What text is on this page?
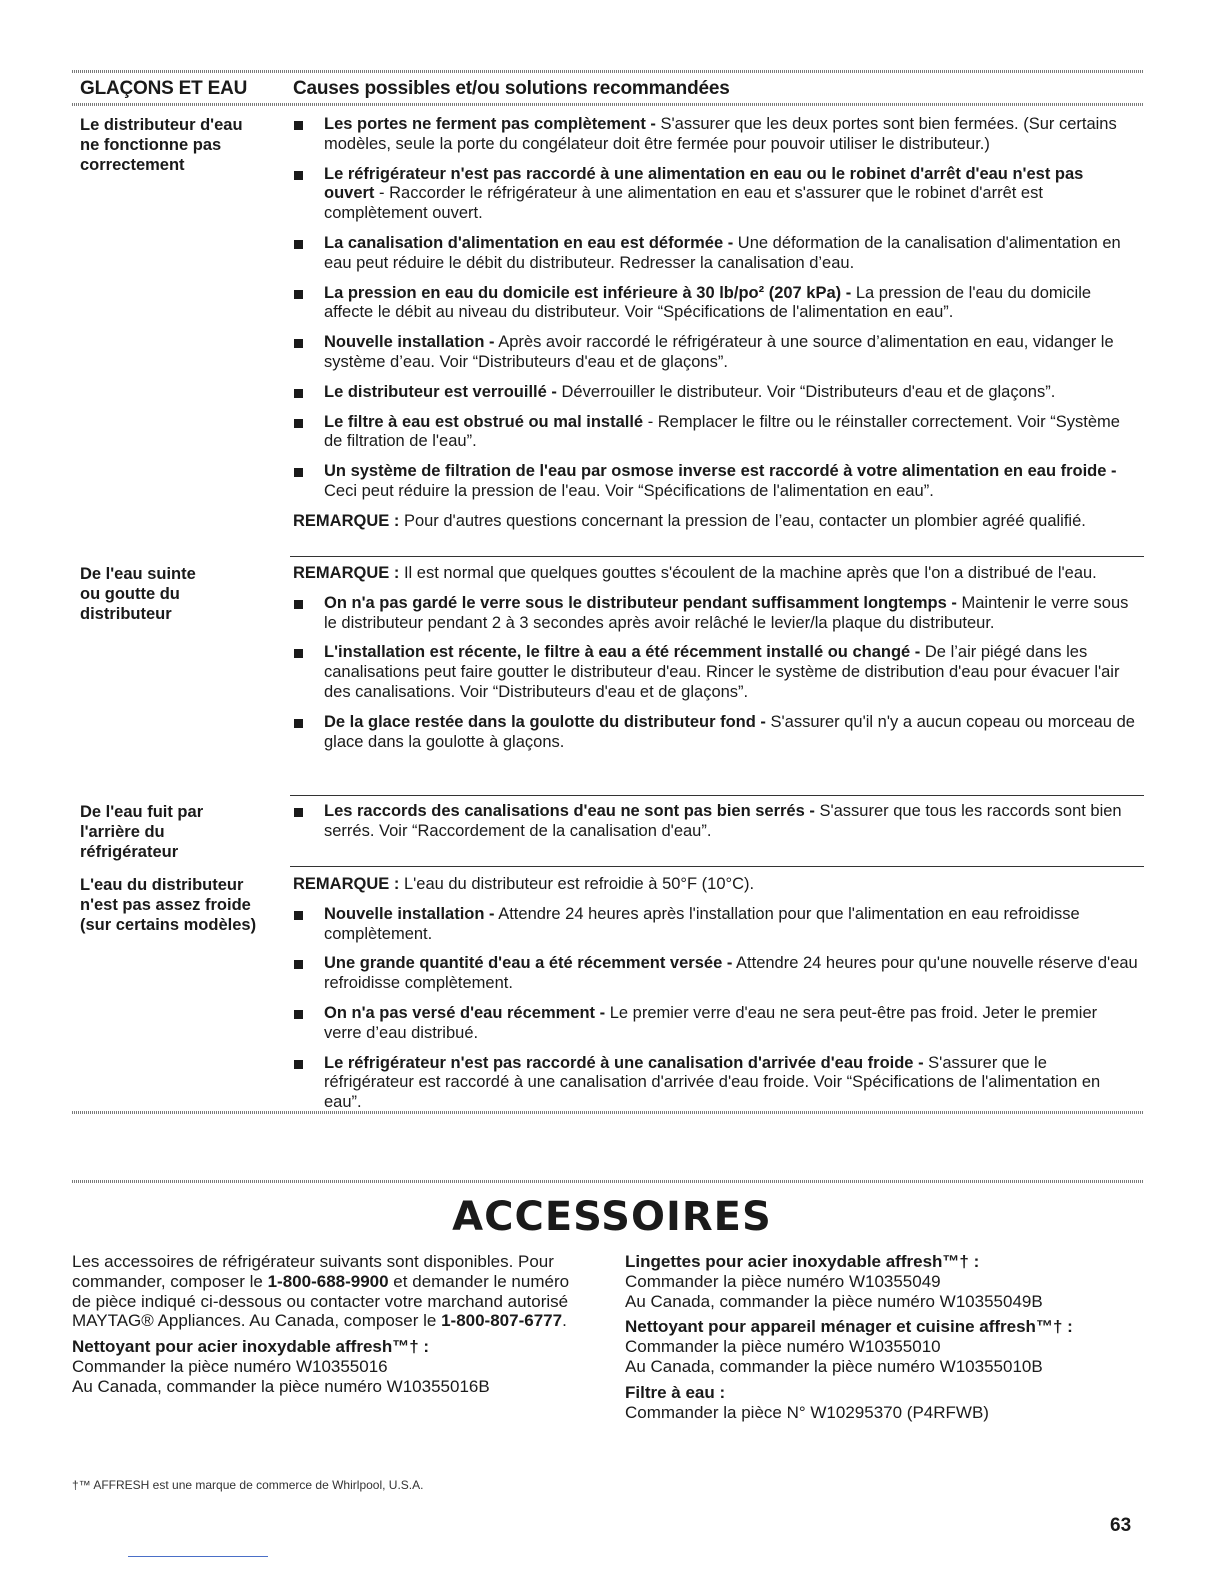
GLAÇONS ET EAU Causes possibles et/ou solutions recommandées
Le distributeur d'eau
ne fonctionne pas
correctement
Les portes ne ferment pas complètement - S'assurer que les deux portes sont bien fermées. (Sur certains modèles, seule la porte du congélateur doit être fermée pour pouvoir utiliser le distributeur.)
Le réfrigérateur n'est pas raccordé à une alimentation en eau ou le robinet d'arrêt d'eau n'est pas ouvert - Raccorder le réfrigérateur à une alimentation en eau et s'assurer que le robinet d'arrêt est complètement ouvert.
La canalisation d'alimentation en eau est déformée - Une déformation de la canalisation d'alimentation en eau peut réduire le débit du distributeur. Redresser la canalisation d’eau.
La pression en eau du domicile est inférieure à 30 lb/po² (207 kPa) - La pression de l'eau du domicile affecte le débit au niveau du distributeur. Voir “Spécifications de l'alimentation en eau”.
Nouvelle installation - Après avoir raccordé le réfrigérateur à une source d’alimentation en eau, vidanger le système d’eau. Voir “Distributeurs d'eau et de glaçons”.
Le distributeur est verrouillé - Déverrouiller le distributeur. Voir “Distributeurs d'eau et de glaçons”.
Le filtre à eau est obstrué ou mal installé - Remplacer le filtre ou le réinstaller correctement. Voir “Système de filtration de l'eau”.
Un système de filtration de l'eau par osmose inverse est raccordé à votre alimentation en eau froide - Ceci peut réduire la pression de l'eau. Voir “Spécifications de l'alimentation en eau”.

REMARQUE : Pour d'autres questions concernant la pression de l’eau, contacter un plombier agréé qualifié.

De l'eau suinte
ou goutte du
distributeur

REMARQUE : Il est normal que quelques gouttes s'écoulent de la machine après que l'on a distribué de l'eau.

On n'a pas gardé le verre sous le distributeur pendant suffisamment longtemps - Maintenir le verre sous le distributeur pendant 2 à 3 secondes après avoir relâché le levier/la plaque du distributeur.
L'installation est récente, le filtre à eau a été récemment installé ou changé - De l’air piégé dans les canalisations peut faire goutter le distributeur d'eau. Rincer le système de distribution d'eau pour évacuer l'air des canalisations. Voir “Distributeurs d'eau et de glaçons”.
De la glace restée dans la goulotte du distributeur fond - S'assurer qu'il n'y a aucun copeau ou morceau de glace dans la goulotte à glaçons.
De l'eau fuit par
l'arrière du
réfrigérateur
Les raccords des canalisations d'eau ne sont pas bien serrés - S'assurer que tous les raccords sont bien serrés. Voir “Raccordement de la canalisation d'eau”.
L'eau du distributeur
n'est pas assez froide
(sur certains modèles)

REMARQUE : L'eau du distributeur est refroidie à 50°F (10°C).

Nouvelle installation - Attendre 24 heures après l'installation pour que l'alimentation en eau refroidisse complètement.
Une grande quantité d'eau a été récemment versée - Attendre 24 heures pour qu'une nouvelle réserve d'eau refroidisse complètement.
On n'a pas versé d'eau récemment - Le premier verre d'eau ne sera peut-être pas froid. Jeter le premier verre d’eau distribué.
Le réfrigérateur n'est pas raccordé à une canalisation d'arrivée d'eau froide - S'assurer que le réfrigérateur est raccordé à une canalisation d'arrivée d'eau froide. Voir “Spécifications de l'alimentation en eau”.
ACCESSOIRES
Les accessoires de réfrigérateur suivants sont disponibles. Pour commander, composer le 1-800-688-9900 et demander le numéro de pièce indiqué ci-dessous ou contacter votre marchand autorisé MAYTAG® Appliances. Au Canada, composer le 1-800-807-6777.
Nettoyant pour acier inoxydable affresh™† :
Commander la pièce numéro W10355016
Au Canada, commander la pièce numéro W10355016B
Lingettes pour acier inoxydable affresh™† :
Commander la pièce numéro W10355049
Au Canada, commander la pièce numéro W10355049B
Nettoyant pour appareil ménager et cuisine affresh™† :
Commander la pièce numéro W10355010
Au Canada, commander la pièce numéro W10355010B
Filtre à eau :
Commander la pièce N° W10295370 (P4RFWB)
†™ AFFRESH est une marque de commerce de Whirlpool, U.S.A.
63
